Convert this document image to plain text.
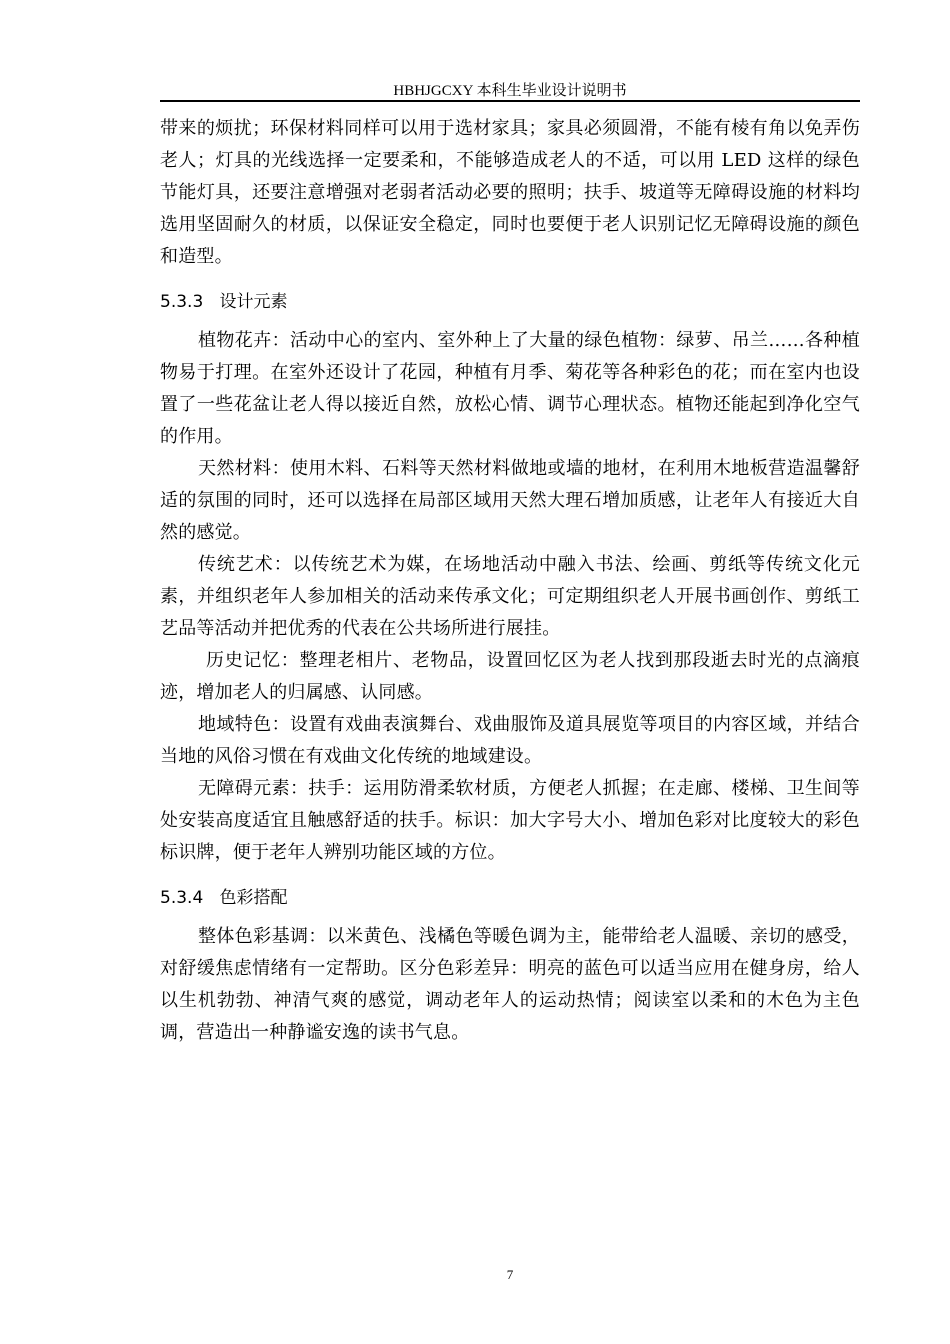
HBHJGCXY 本科生毕业设计说明书

带来的烦扰；环保材料同样可以用于选材家具；家具必须圆滑，不能有棱有角以免弄伤老人；灯具的光线选择一定要柔和，不能够造成老人的不适，可以用 LED 这样的绿色节能灯具，还要注意增强对老弱者活动必要的照明；扶手、坡道等无障碍设施的材料均选用坚固耐久的材质，以保证安全稳定，同时也要便于老人识别记忆无障碍设施的颜色和造型。

5.3.3   设计元素

植物花卉：活动中心的室内、室外种上了大量的绿色植物：绿萝、吊兰……各种植物易于打理。在室外还设计了花园，种植有月季、菊花等各种彩色的花；而在室内也设置了一些花盆让老人得以接近自然，放松心情、调节心理状态。植物还能起到净化空气的作用。

天然材料：使用木料、石料等天然材料做地或墙的地材，在利用木地板营造温馨舒适的氛围的同时，还可以选择在局部区域用天然大理石增加质感，让老年人有接近大自然的感觉。

传统艺术：以传统艺术为媒，在场地活动中融入书法、绘画、剪纸等传统文化元素，并组织老年人参加相关的活动来传承文化；可定期组织老人开展书画创作、剪纸工艺品等活动并把优秀的代表在公共场所进行展挂。

历史记忆：整理老相片、老物品，设置回忆区为老人找到那段逝去时光的点滴痕迹，增加老人的归属感、认同感。

地域特色：设置有戏曲表演舞台、戏曲服饰及道具展览等项目的内容区域，并结合当地的风俗习惯在有戏曲文化传统的地域建设。

无障碍元素：扶手：运用防滑柔软材质，方便老人抓握；在走廊、楼梯、卫生间等处安装高度适宜且触感舒适的扶手。标识：加大字号大小、增加色彩对比度较大的彩色标识牌，便于老年人辨别功能区域的方位。

5.3.4   色彩搭配

整体色彩基调：以米黄色、浅橘色等暖色调为主，能带给老人温暖、亲切的感受，对舒缓焦虑情绪有一定帮助。区分色彩差异：明亮的蓝色可以适当应用在健身房，给人以生机勃勃、神清气爽的感觉，调动老年人的运动热情；阅读室以柔和的木色为主色调，营造出一种静谧安逸的读书气息。

7
